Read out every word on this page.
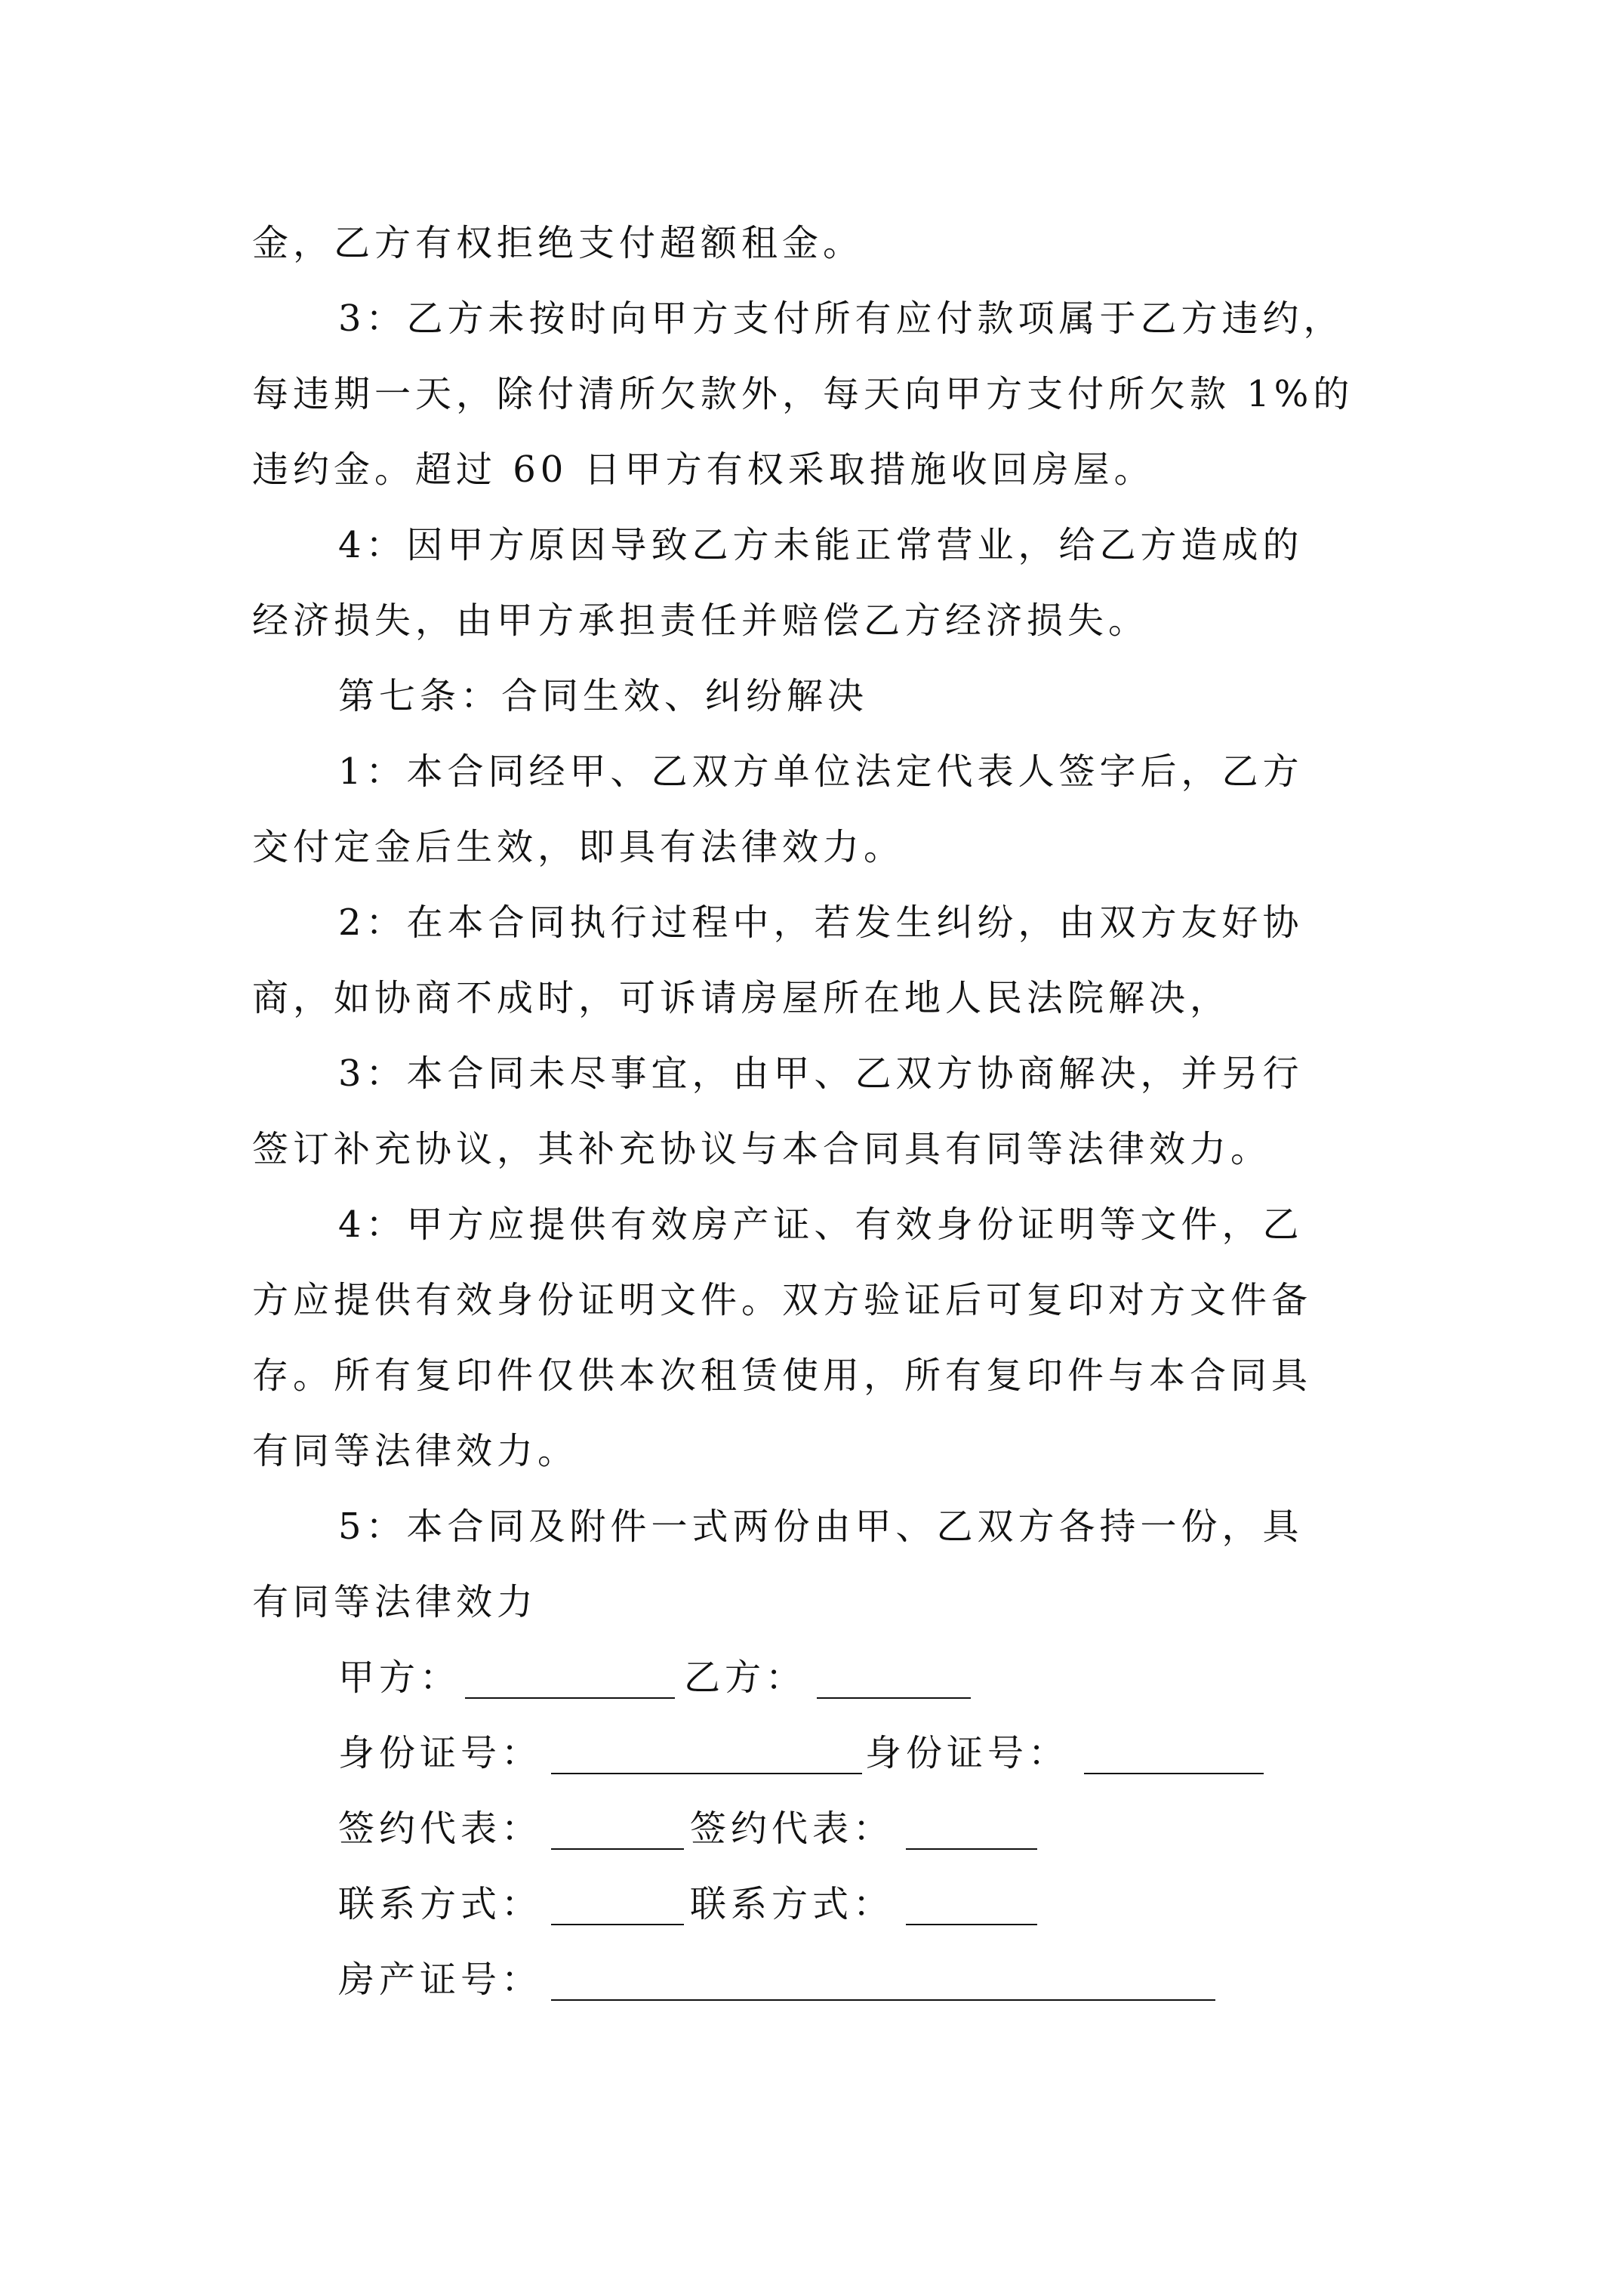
金，乙方有权拒绝支付超额租金。
3：乙方未按时向甲方支付所有应付款项属于乙方违约，
每违期一天，除付清所欠款外，每天向甲方支付所欠款 1%的
违约金。超过 60 日甲方有权采取措施收回房屋。
4：因甲方原因导致乙方未能正常营业，给乙方造成的
经济损失，由甲方承担责任并赔偿乙方经济损失。
第七条：合同生效、纠纷解决
1：本合同经甲、乙双方单位法定代表人签字后，乙方
交付定金后生效，即具有法律效力。
2：在本合同执行过程中，若发生纠纷，由双方友好协
商，如协商不成时，可诉请房屋所在地人民法院解决，
3：本合同未尽事宜，由甲、乙双方协商解决，并另行
签订补充协议，其补充协议与本合同具有同等法律效力。
4：甲方应提供有效房产证、有效身份证明等文件，乙
方应提供有效身份证明文件。双方验证后可复印对方文件备
存。所有复印件仅供本次租赁使用，所有复印件与本合同具
有同等法律效力。
5：本合同及附件一式两份由甲、乙双方各持一份，具
有同等法律效力
甲方：	乙方：
身份证号：	身份证号：
签约代表：	签约代表：
联系方式：	联系方式：
房产证号：
